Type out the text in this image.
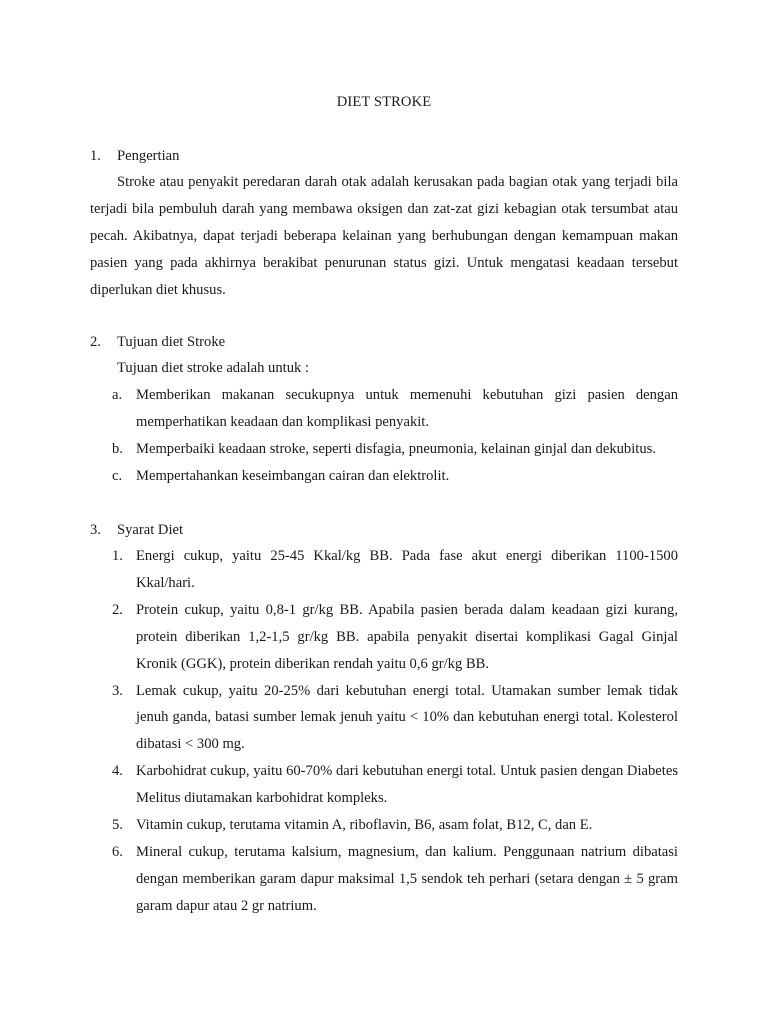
DIET STROKE
1. Pengertian

Stroke atau penyakit peredaran darah otak adalah kerusakan pada bagian otak yang terjadi bila terjadi bila pembuluh darah yang membawa oksigen dan zat-zat gizi kebagian otak tersumbat atau pecah. Akibatnya, dapat terjadi beberapa kelainan yang berhubungan dengan kemampuan makan pasien yang pada akhirnya berakibat penurunan status gizi. Untuk mengatasi keadaan tersebut diperlukan diet khusus.

2. Tujuan diet Stroke
Tujuan diet stroke adalah untuk :
a. Memberikan makanan secukupnya untuk memenuhi kebutuhan gizi pasien dengan memperhatikan keadaan dan komplikasi penyakit.
b. Memperbaiki keadaan stroke, seperti disfagia, pneumonia, kelainan ginjal dan dekubitus.
c. Mempertahankan keseimbangan cairan dan elektrolit.
3. Syarat Diet
1. Energi cukup, yaitu 25-45 Kkal/kg BB. Pada fase akut energi diberikan 1100-1500 Kkal/hari.
2. Protein cukup, yaitu 0,8-1 gr/kg BB. Apabila pasien berada dalam keadaan gizi kurang, protein diberikan 1,2-1,5 gr/kg BB. apabila penyakit disertai komplikasi Gagal Ginjal Kronik (GGK), protein diberikan rendah yaitu 0,6 gr/kg BB.
3. Lemak cukup, yaitu 20-25% dari kebutuhan energi total. Utamakan sumber lemak tidak jenuh ganda, batasi sumber lemak jenuh yaitu < 10% dan kebutuhan energi total. Kolesterol dibatasi < 300 mg.
4. Karbohidrat cukup, yaitu 60-70% dari kebutuhan energi total. Untuk pasien dengan Diabetes Melitus diutamakan karbohidrat kompleks.
5. Vitamin cukup, terutama vitamin A, riboflavin, B6, asam folat, B12, C, dan E.
6. Mineral cukup, terutama kalsium, magnesium, dan kalium. Penggunaan natrium dibatasi dengan memberikan garam dapur maksimal 1,5 sendok teh perhari (setara dengan ± 5 gram garam dapur atau 2 gr natrium.
